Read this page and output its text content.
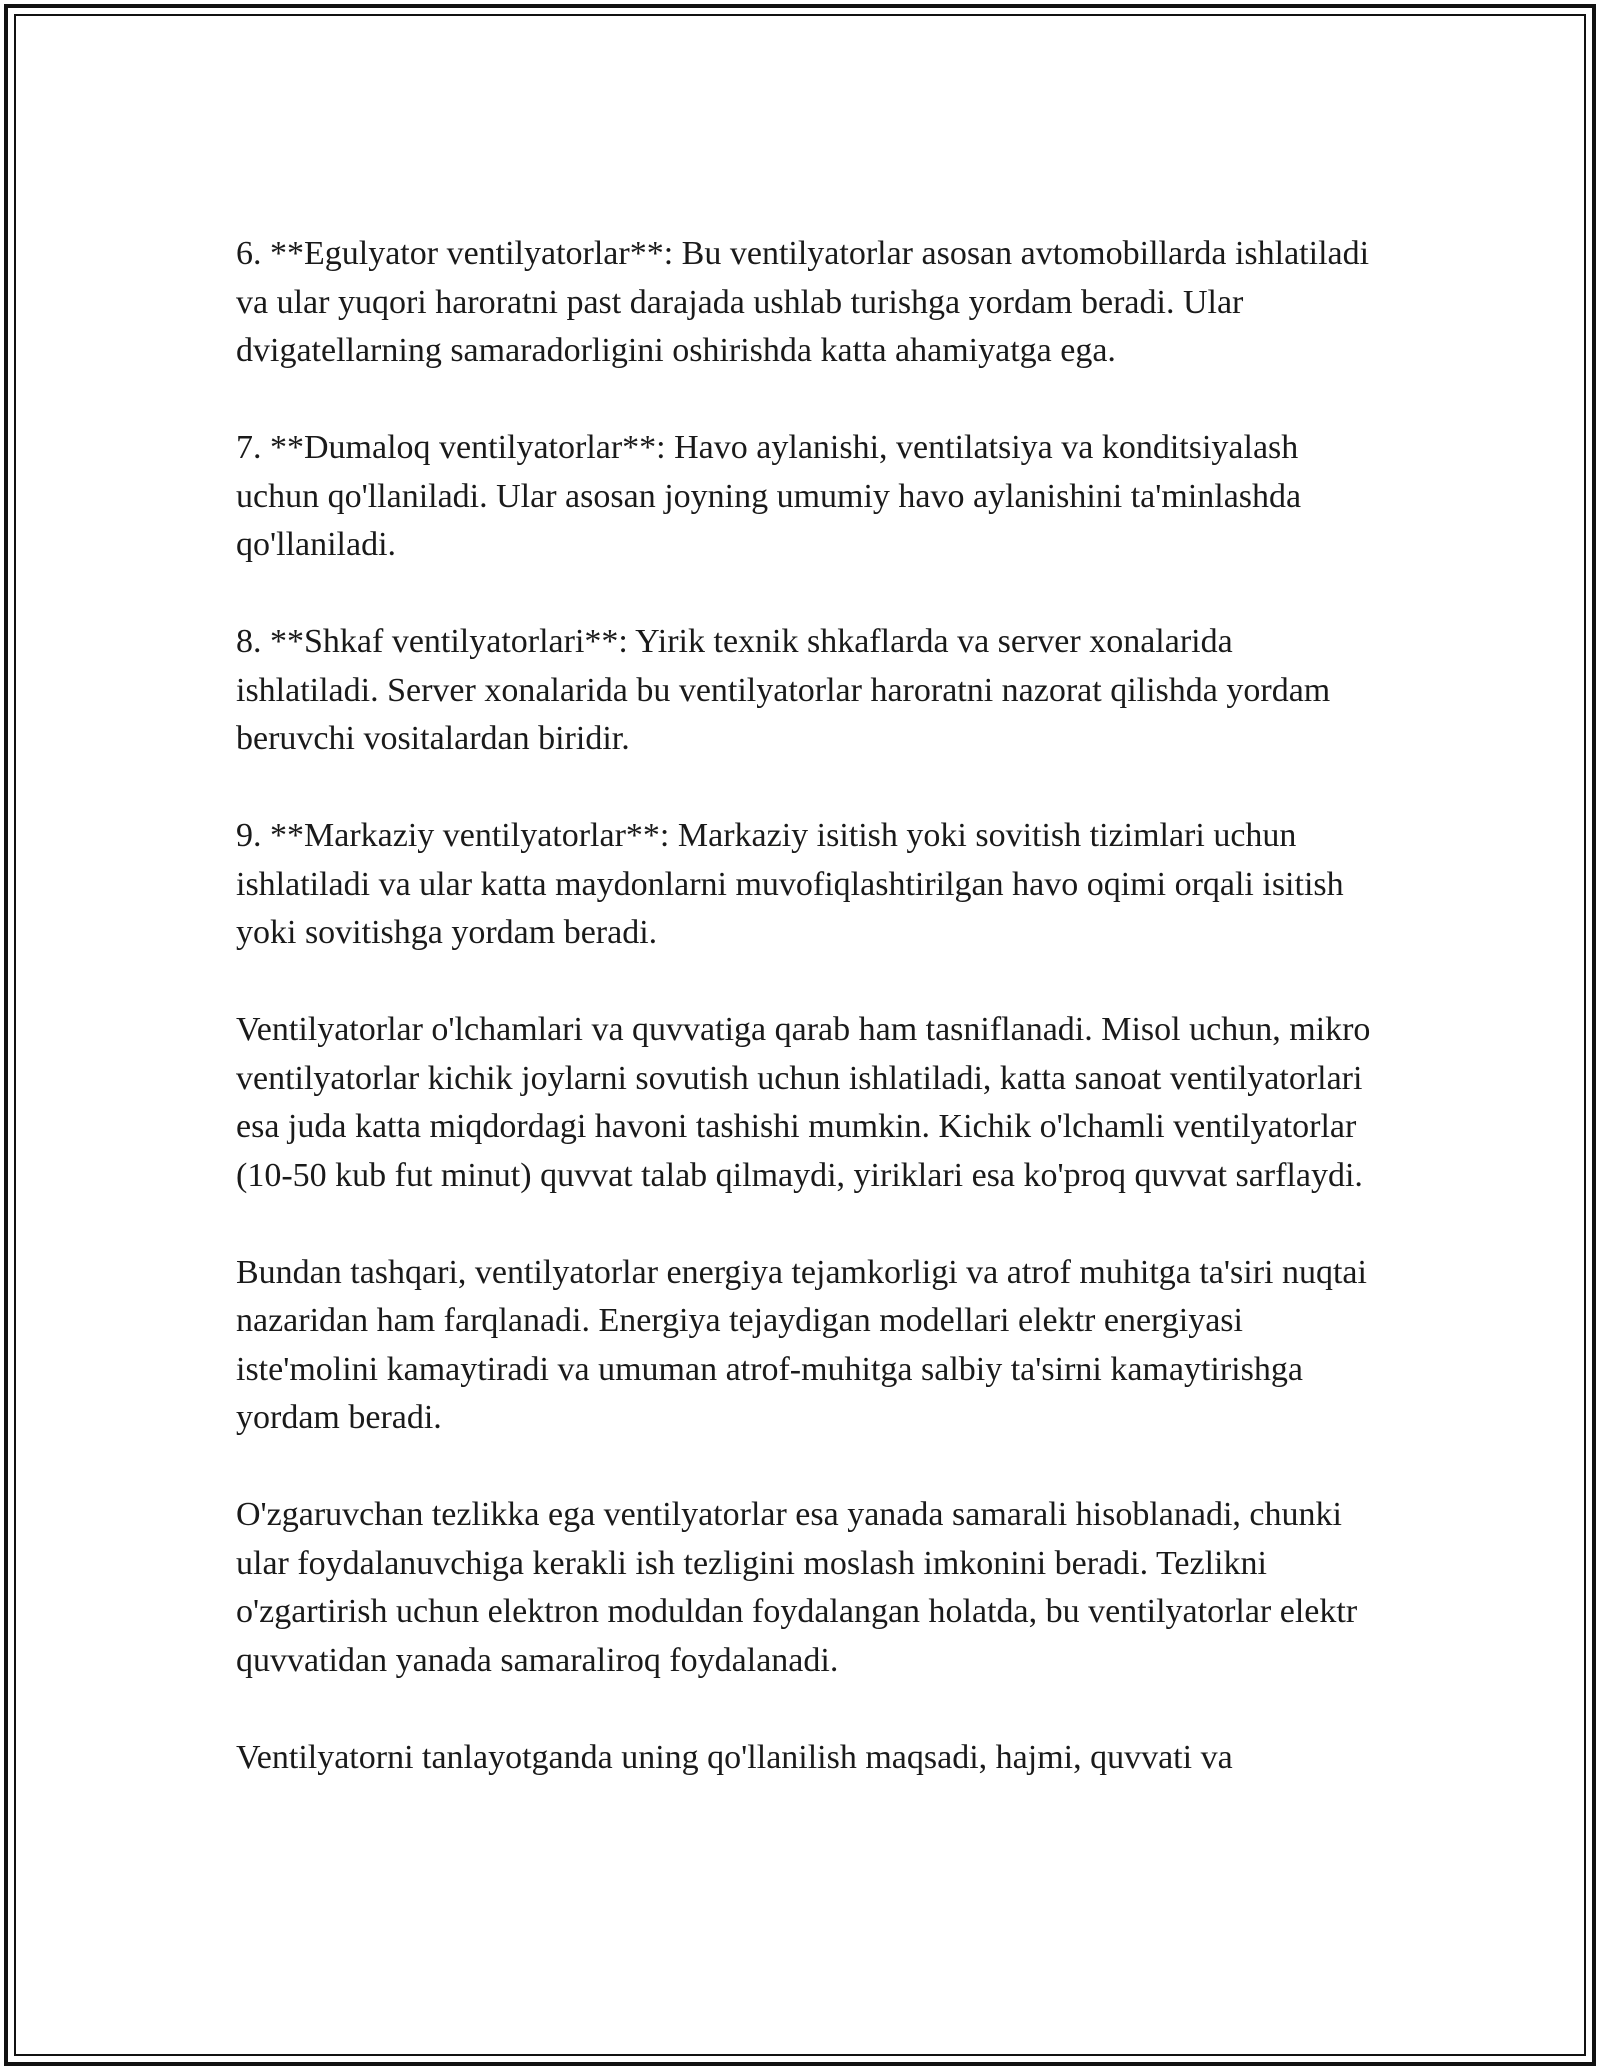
6. **Egulyator ventilyatorlar**: Bu ventilyatorlar asosan avtomobillarda ishlatiladi va ular yuqori haroratni past darajada ushlab turishga yordam beradi. Ular dvigatellarning samaradorligini oshirishda katta ahamiyatga ega.

7. **Dumaloq ventilyatorlar**: Havo aylanishi, ventilatsiya va konditsiyalash uchun qo'llaniladi. Ular asosan joyning umumiy havo aylanishini ta'minlashda qo'llaniladi.

8. **Shkaf ventilyatorlari**: Yirik texnik shkaflarda va server xonalarida ishlatiladi. Server xonalarida bu ventilyatorlar haroratni nazorat qilishda yordam beruvchi vositalardan biridir.

9. **Markaziy ventilyatorlar**: Markaziy isitish yoki sovitish tizimlari uchun ishlatiladi va ular katta maydonlarni muvofiqlashtirilgan havo oqimi orqali isitish yoki sovitishga yordam beradi.

Ventilyatorlar o'lchamlari va quvvatiga qarab ham tasniflanadi. Misol uchun, mikro ventilyatorlar kichik joylarni sovutish uchun ishlatiladi, katta sanoat ventilyatorlari esa juda katta miqdordagi havoni tashishi mumkin. Kichik o'lchamli ventilyatorlar (10-50 kub fut minut) quvvat talab qilmaydi, yiriklari esa ko'proq quvvat sarflaydi.

Bundan tashqari, ventilyatorlar energiya tejamkorligi va atrof muhitga ta'siri nuqtai nazaridan ham farqlanadi. Energiya tejaydigan modellari elektr energiyasi iste'molini kamaytiradi va umuman atrof-muhitga salbiy ta'sirni kamaytirishga yordam beradi.

O'zgaruvchan tezlikka ega ventilyatorlar esa yanada samarali hisoblanadi, chunki ular foydalanuvchiga kerakli ish tezligini moslash imkonini beradi. Tezlikni o'zgartirish uchun elektron moduldan foydalangan holatda, bu ventilyatorlar elektr quvvatidan yanada samaraliroq foydalanadi.

Ventilyatorni tanlayotganda uning qo'llanilish maqsadi, hajmi, quvvati va
